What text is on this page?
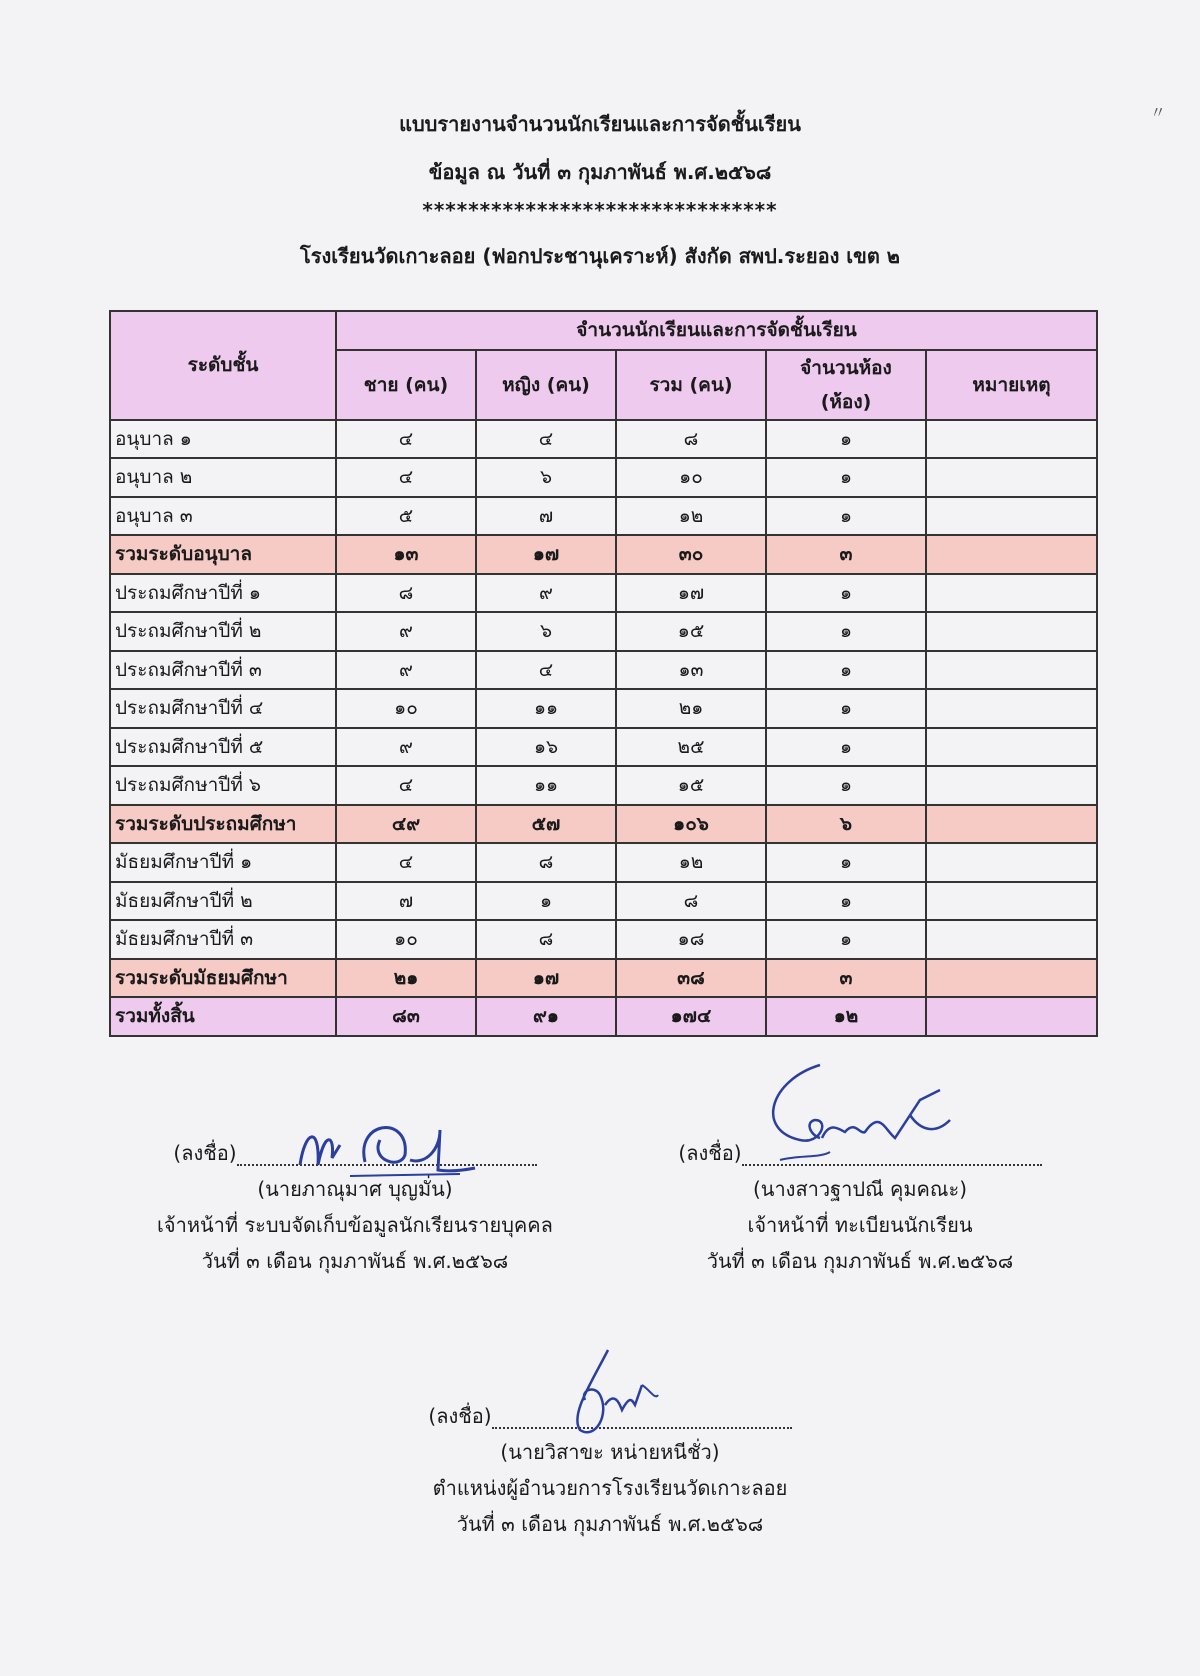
แบบรายงานจำนวนนักเรียนและการจัดชั้นเรียน
ข้อมูล ณ วันที่ ๓ กุมภาพันธ์ พ.ศ.๒๕๖๘
*******************************
โรงเรียนวัดเกาะลอย (ฟอกประชานุเคราะห์) สังกัด สพป.ระยอง เขต ๒
ระดับชั้น	จำนวนนักเรียนและการจัดชั้นเรียน				
	ชาย (คน)	หญิง (คน)	รวม (คน)	จำนวนห้อง
(ห้อง)	หมายเหตุ
อนุบาล ๑	๔	๔	๘	๑	
อนุบาล ๒	๔	๖	๑๐	๑	
อนุบาล ๓	๕	๗	๑๒	๑	
รวมระดับอนุบาล	๑๓	๑๗	๓๐	๓	
ประถมศึกษาปีที่ ๑	๘	๙	๑๗	๑	
ประถมศึกษาปีที่ ๒	๙	๖	๑๕	๑	
ประถมศึกษาปีที่ ๓	๙	๔	๑๓	๑	
ประถมศึกษาปีที่ ๔	๑๐	๑๑	๒๑	๑	
ประถมศึกษาปีที่ ๕	๙	๑๖	๒๕	๑	
ประถมศึกษาปีที่ ๖	๔	๑๑	๑๕	๑	
รวมระดับประถมศึกษา	๔๙	๕๗	๑๐๖	๖	
มัธยมศึกษาปีที่ ๑	๔	๘	๑๒	๑	
มัธยมศึกษาปีที่ ๒	๗	๑	๘	๑	
มัธยมศึกษาปีที่ ๓	๑๐	๘	๑๘	๑	
รวมระดับมัธยมศึกษา	๒๑	๑๗	๓๘	๓	
รวมทั้งสิ้น	๘๓	๙๑	๑๗๔	๑๒	
(ลงชื่อ)
(นายภาณุมาศ บุญมั่น)
เจ้าหน้าที่ ระบบจัดเก็บข้อมูลนักเรียนรายบุคคล
วันที่ ๓ เดือน กุมภาพันธ์ พ.ศ.๒๕๖๘
(ลงชื่อ)
(นางสาวฐาปณี คุมคณะ)
เจ้าหน้าที่ ทะเบียนนักเรียน
วันที่ ๓ เดือน กุมภาพันธ์ พ.ศ.๒๕๖๘
(ลงชื่อ)
(นายวิสาขะ หน่ายหนีชั่ว)
ตำแหน่งผู้อำนวยการโรงเรียนวัดเกาะลอย
วันที่ ๓ เดือน กุมภาพันธ์ พ.ศ.๒๕๖๘
〃
